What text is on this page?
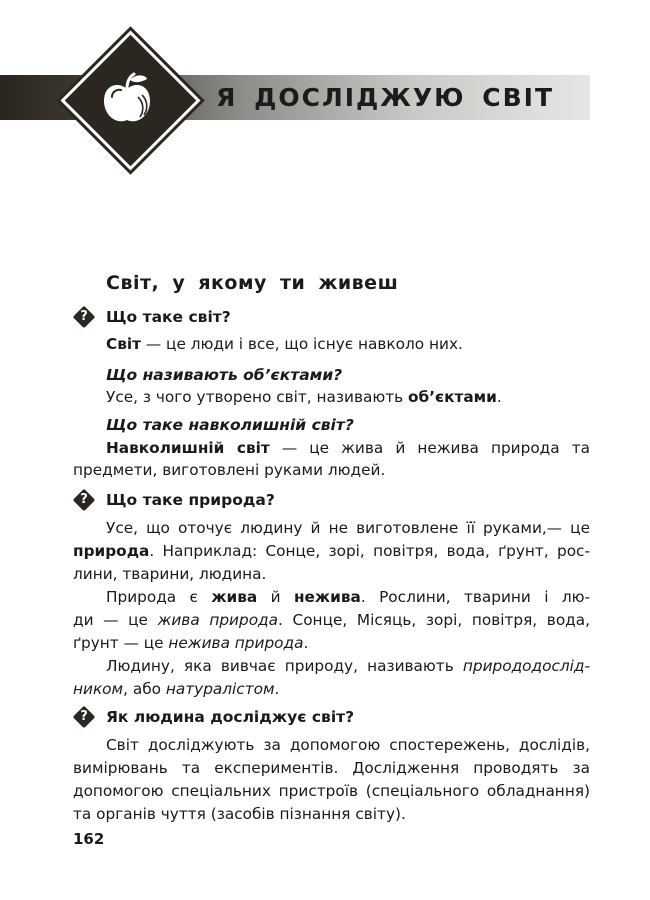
Я ДОСЛІДЖУЮ СВІТ
Світ, у якому ти живеш
?	Що таке світ?
Світ — це люди і все, що існує навколо них.
Що називають об’єктами?
Усе, з чого утворено світ, називають об’єктами.
Що таке навколишній світ?
Навколишній світ — це жива й нежива природа та
предмети, виготовлені руками людей.
?	Що таке природа?
Усе, що оточує людину й не виготовлене її руками,— це
природа. Наприклад: Сонце, зорі, повітря, вода, ґрунт, рос-
лини, тварини, людина.
Природа є жива й нежива. Рослини, тварини і лю-
ди — це жива природа. Сонце, Місяць, зорі, повітря, вода,
ґрунт — це нежива природа.
Людину, яка вивчає природу, називають природодослід-
ником, або натуралістом.
?	Як людина досліджує світ?
Світ досліджують за допомогою спостережень, дослідів,
вимірювань та експериментів. Дослідження проводять за
допомогою спеціальних пристроїв (спеціального обладнання)
та органів чуття (засобів пізнання світу).
162
